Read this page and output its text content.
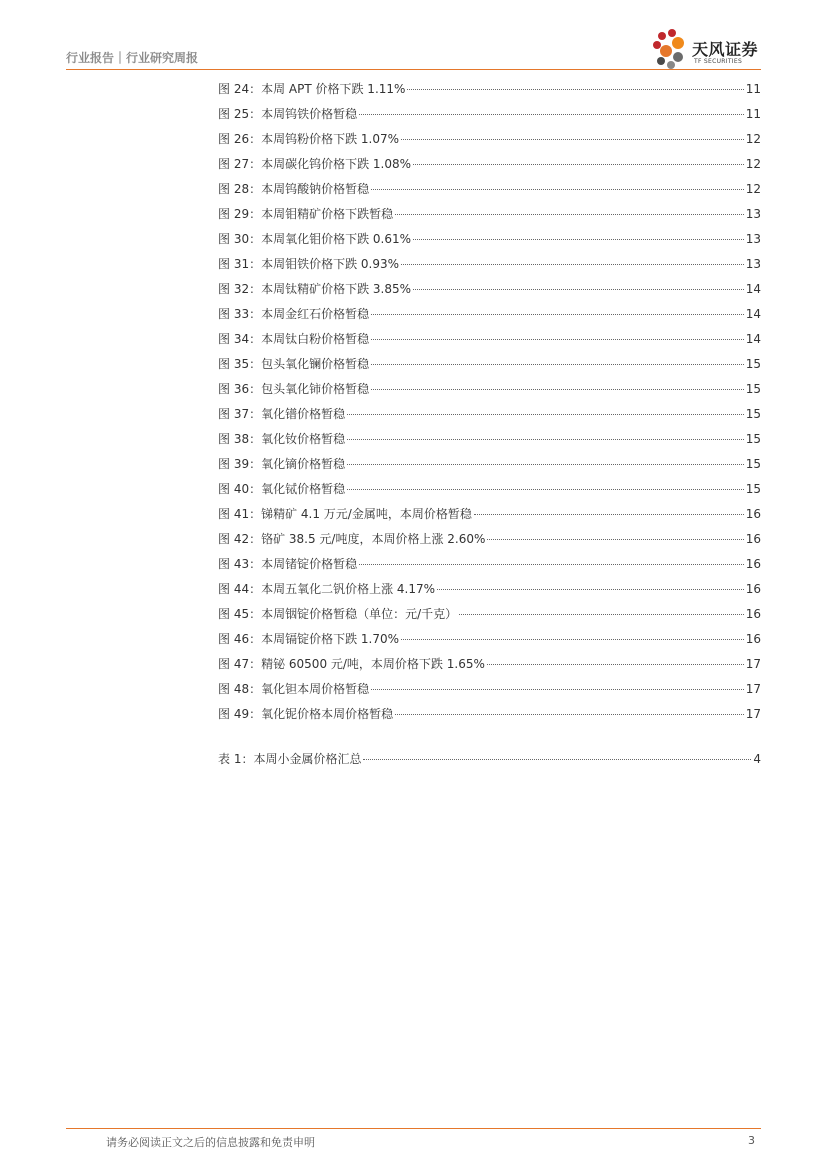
行业报告｜行业研究周报	天风证券
TF SECURITIES
图 24：本周 APT 价格下跌 1.11%	11
图 25：本周钨铁价格暂稳	11
图 26：本周钨粉价格下跌 1.07%	12
图 27：本周碳化钨价格下跌 1.08%	12
图 28：本周钨酸钠价格暂稳	12
图 29：本周钼精矿价格下跌暂稳	13
图 30：本周氧化钼价格下跌 0.61%	13
图 31：本周钼铁价格下跌 0.93%	13
图 32：本周钛精矿价格下跌 3.85%	14
图 33：本周金红石价格暂稳	14
图 34：本周钛白粉价格暂稳	14
图 35：包头氧化镧价格暂稳	15
图 36：包头氧化铈价格暂稳	15
图 37：氧化镨价格暂稳	15
图 38：氧化钕价格暂稳	15
图 39：氧化镝价格暂稳	15
图 40：氧化铽价格暂稳	15
图 41：锑精矿 4.1 万元/金属吨，本周价格暂稳	16
图 42：铬矿 38.5 元/吨度，本周价格上涨 2.60%	16
图 43：本周锗锭价格暂稳	16
图 44：本周五氧化二钒价格上涨 4.17%	16
图 45：本周铟锭价格暂稳（单位：元/千克）	16
图 46：本周镉锭价格下跌 1.70%	16
图 47：精铋 60500 元/吨，本周价格下跌 1.65%	17
图 48：氧化钽本周价格暂稳	17
图 49：氧化铌价格本周价格暂稳	17
表 1：本周小金属价格汇总	4
请务必阅读正文之后的信息披露和免责申明	3
